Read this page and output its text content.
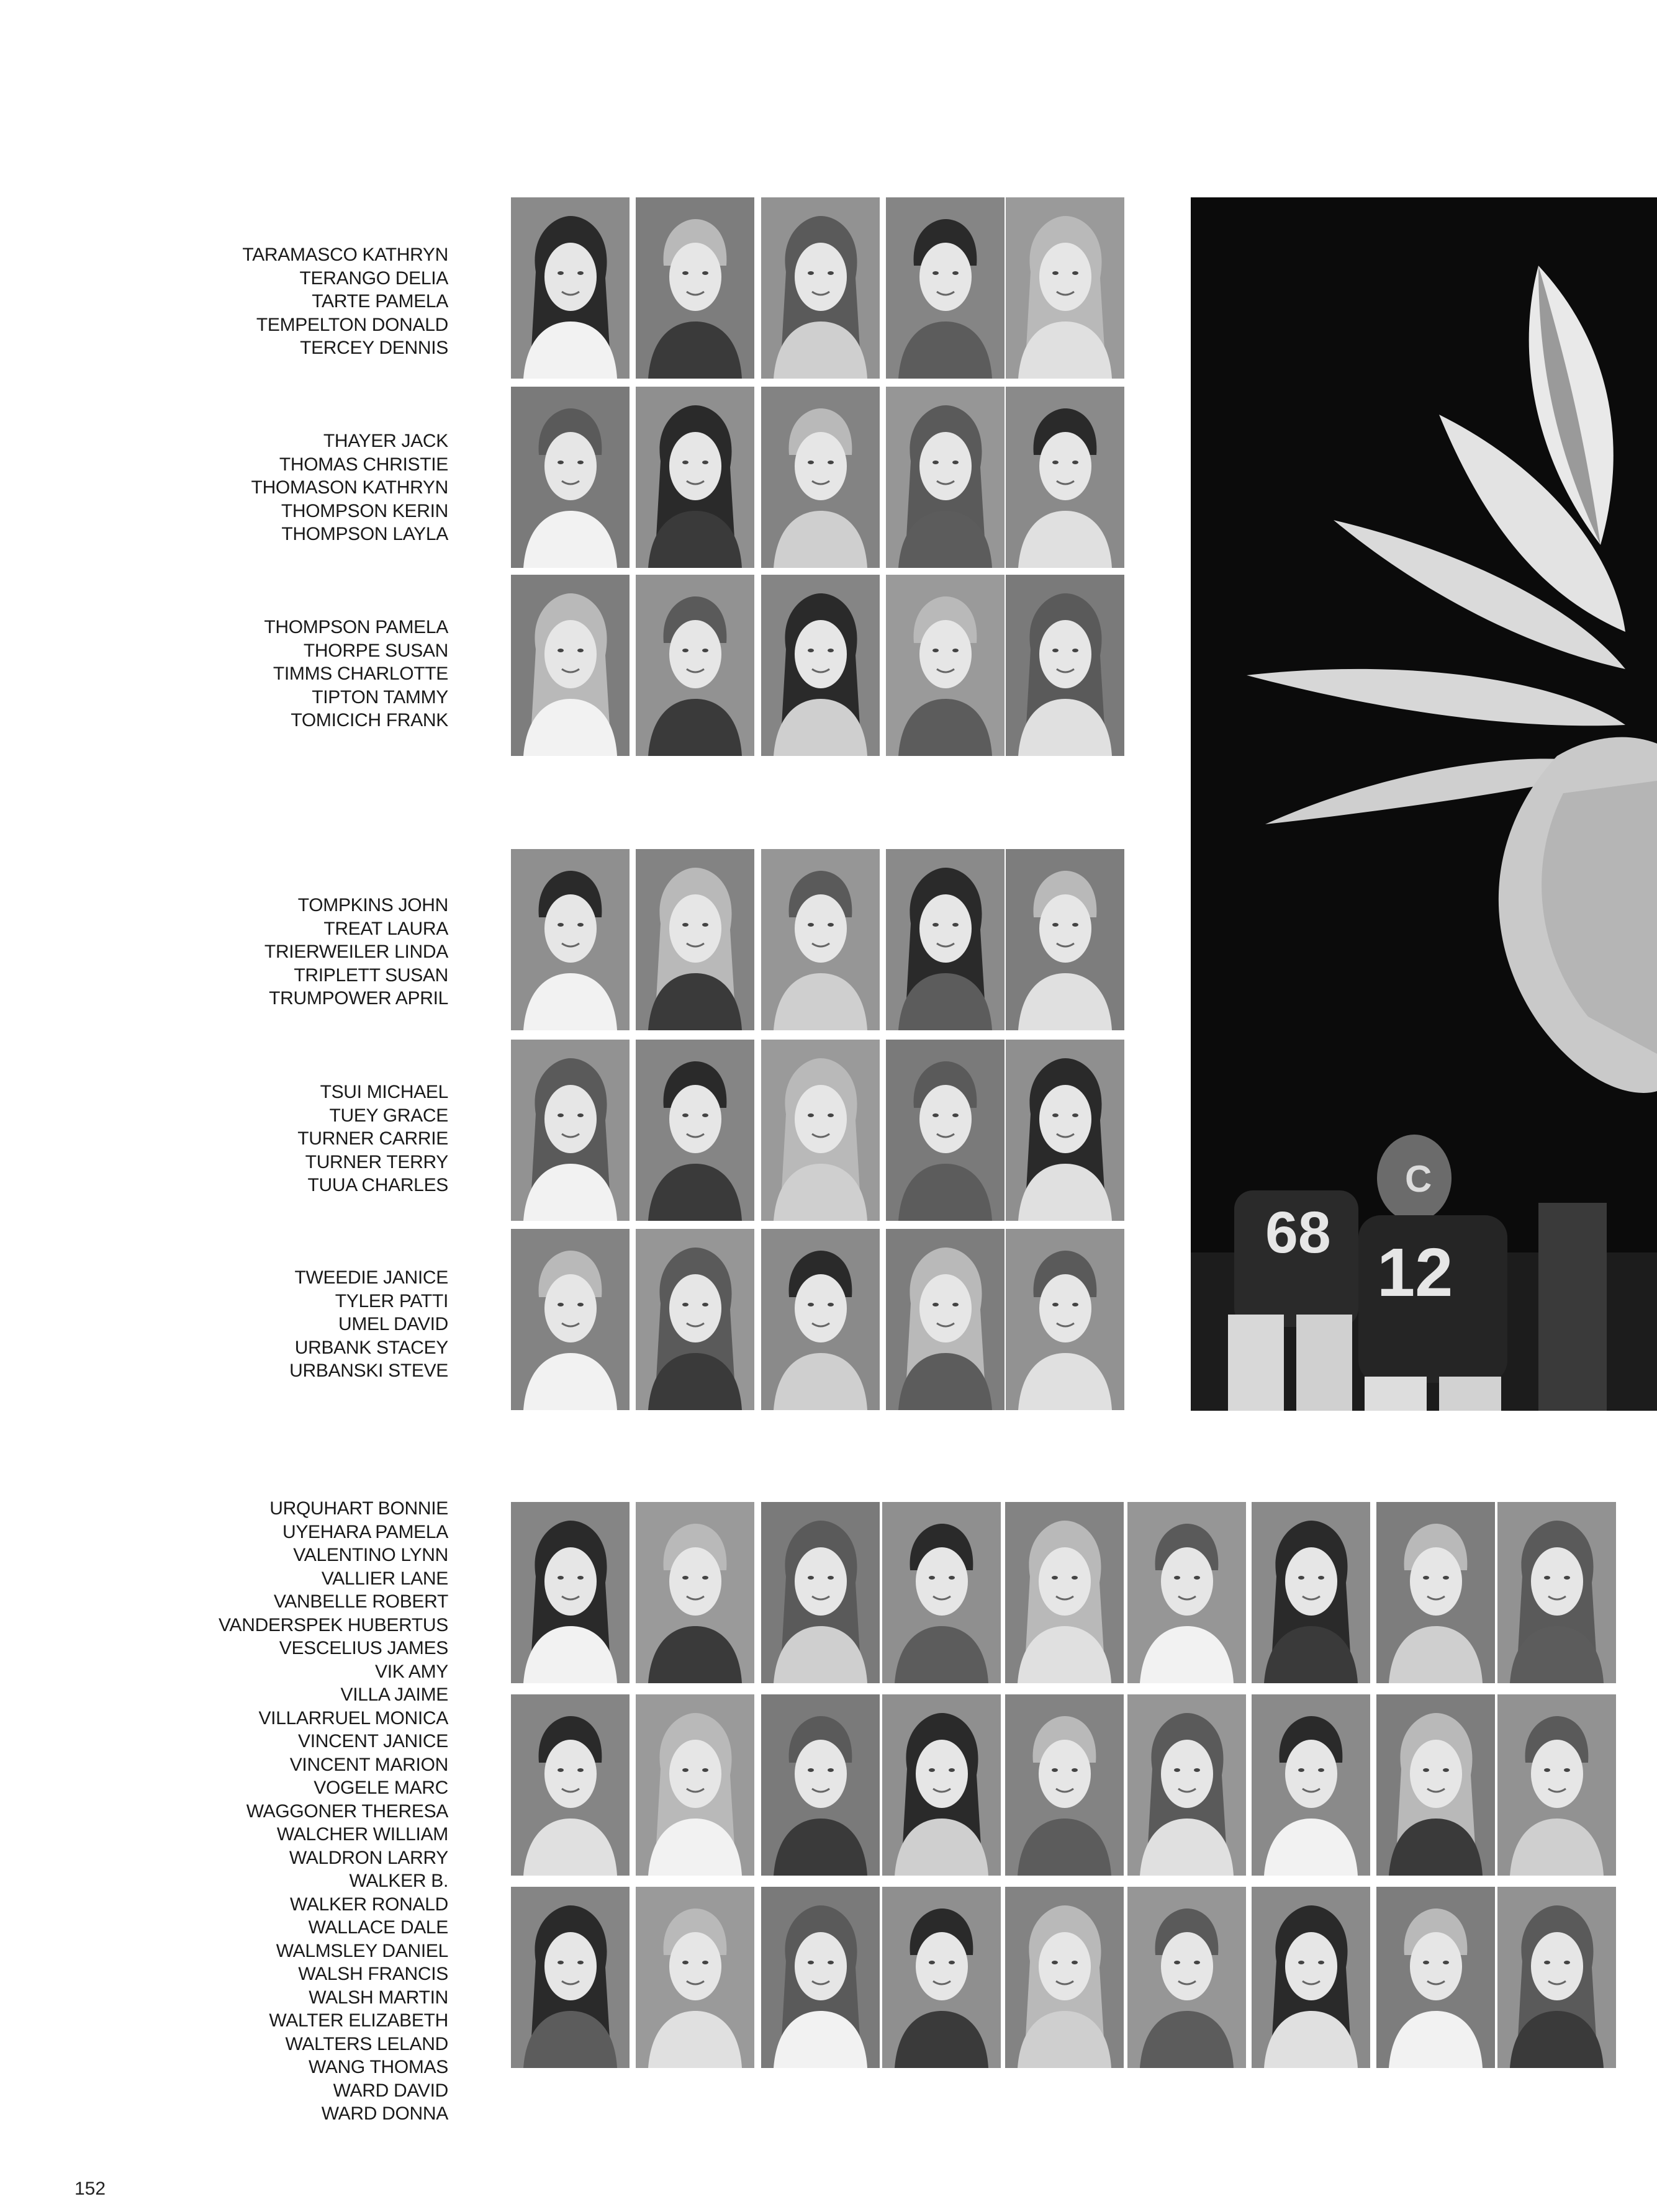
TARAMASCO KATHRYN
TERANGO DELIA
TARTE PAMELA
TEMPELTON DONALD
TERCEY DENNIS
THAYER JACK
THOMAS CHRISTIE
THOMASON KATHRYN
THOMPSON KERIN
THOMPSON LAYLA
THOMPSON PAMELA
THORPE SUSAN
TIMMS CHARLOTTE
TIPTON TAMMY
TOMICICH FRANK
TOMPKINS JOHN
TREAT LAURA
TRIERWEILER LINDA
TRIPLETT SUSAN
TRUMPOWER APRIL
TSUI MICHAEL
TUEY GRACE
TURNER CARRIE
TURNER TERRY
TUUA CHARLES
TWEEDIE JANICE
TYLER PATTI
UMEL DAVID
URBANK STACEY
URBANSKI STEVE
URQUHART BONNIE
UYEHARA PAMELA
VALENTINO LYNN
VALLIER LANE
VANBELLE ROBERT
VANDERSPEK HUBERTUS
VESCELIUS JAMES
VIK AMY
VILLA JAIME
VILLARRUEL MONICA
VINCENT JANICE
VINCENT MARION
VOGELE MARC
WAGGONER THERESA
WALCHER WILLIAM
WALDRON LARRY
WALKER B.
WALKER RONALD
WALLACE DALE
WALMSLEY DANIEL
WALSH FRANCIS
WALSH MARTIN
WALTER ELIZABETH
WALTERS LELAND
WANG THOMAS
WARD DAVID
WARD DONNA
68
C
12
152
